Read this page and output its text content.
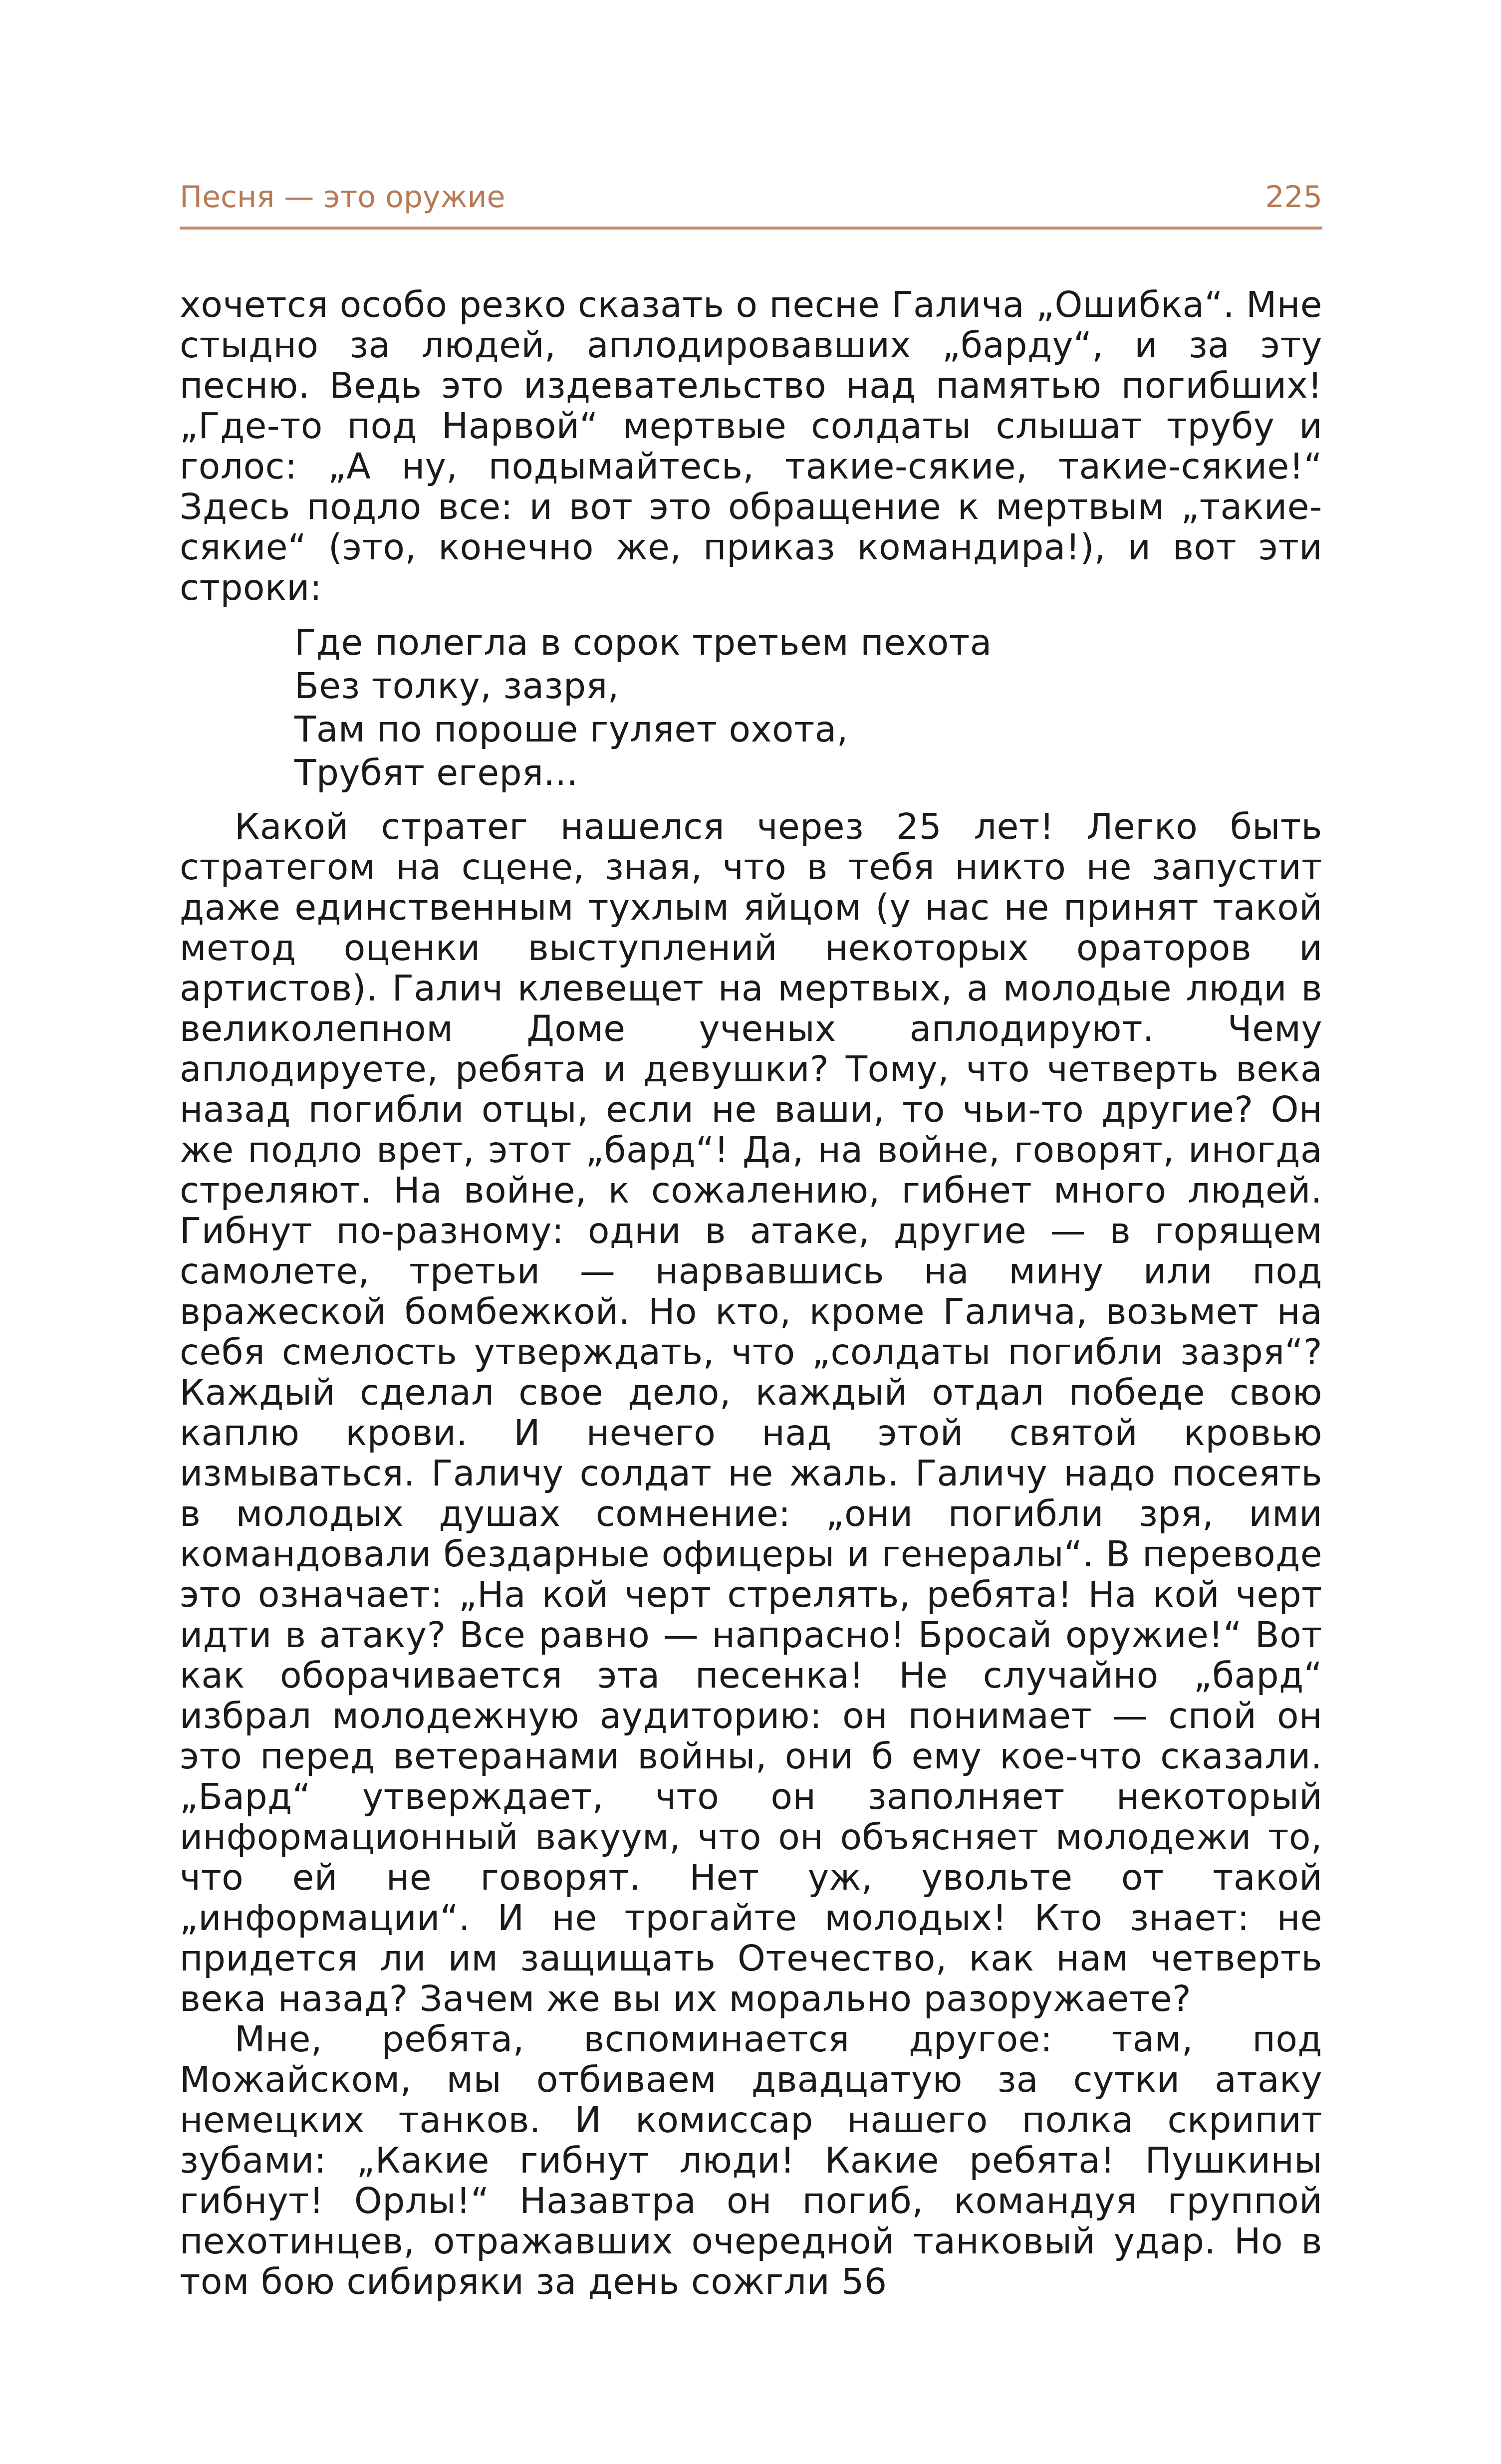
Песня — это оружие	225

хочется особо резко сказать о песне Галича „Ошибка“. Мне стыдно за людей, аплодировавших „барду“, и за эту песню. Ведь это издевательство над памятью погибших! „Где-то под Нарвой“ мертвые солдаты слышат трубу и голос: „А ну, подымайтесь, такие-сякие, такие-сякие!“ Здесь подло все: и вот это обращение к мертвым „такие-сякие“ (это, конечно же, приказ командира!), и вот эти строки:

Где полегла в сорок третьем пехота
Без толку, зазря,
Там по пороше гуляет охота,
Трубят егеря...

Какой стратег нашелся через 25 лет! Легко быть стратегом на сцене, зная, что в тебя никто не запустит даже единственным тухлым яйцом (у нас не принят такой метод оценки выступлений некоторых ораторов и артистов). Галич клевещет на мертвых, а молодые люди в великолепном Доме ученых аплодируют. Чему аплодируете, ребята и девушки? Тому, что четверть века назад погибли отцы, если не ваши, то чьи-то другие? Он же подло врет, этот „бард“! Да, на войне, говорят, иногда стреляют. На войне, к сожалению, гибнет много людей. Гибнут по-разному: одни в атаке, другие — в горящем самолете, третьи — нарвавшись на мину или под вражеской бомбежкой. Но кто, кроме Галича, возьмет на себя смелость утверждать, что „солдаты погибли зазря“? Каждый сделал свое дело, каждый отдал победе свою каплю крови. И нечего над этой святой кровью измываться. Галичу солдат не жаль. Галичу надо посеять в молодых душах сомнение: „они погибли зря, ими командовали бездарные офицеры и генералы“. В переводе это означает: „На кой черт стрелять, ребята! На кой черт идти в атаку? Все равно — напрасно! Бросай оружие!“ Вот как оборачивается эта песенка! Не случайно „бард“ избрал молодежную аудиторию: он понимает — спой он это перед ветеранами войны, они б ему кое-что сказали. „Бард“ утверждает, что он заполняет некоторый информационный вакуум, что он объясняет молодежи то, что ей не говорят. Нет уж, увольте от такой „информации“. И не трогайте молодых! Кто знает: не придется ли им защищать Отечество, как нам четверть века назад? Зачем же вы их морально разоружаете?

Мне, ребята, вспоминается другое: там, под Можайском, мы отбиваем двадцатую за сутки атаку немецких танков. И комиссар нашего полка скрипит зубами: „Какие гибнут люди! Какие ребята! Пушкины гибнут! Орлы!“ Назавтра он погиб, командуя группой пехотинцев, отражавших очередной танковый удар. Но в том бою сибиряки за день сожгли 56
